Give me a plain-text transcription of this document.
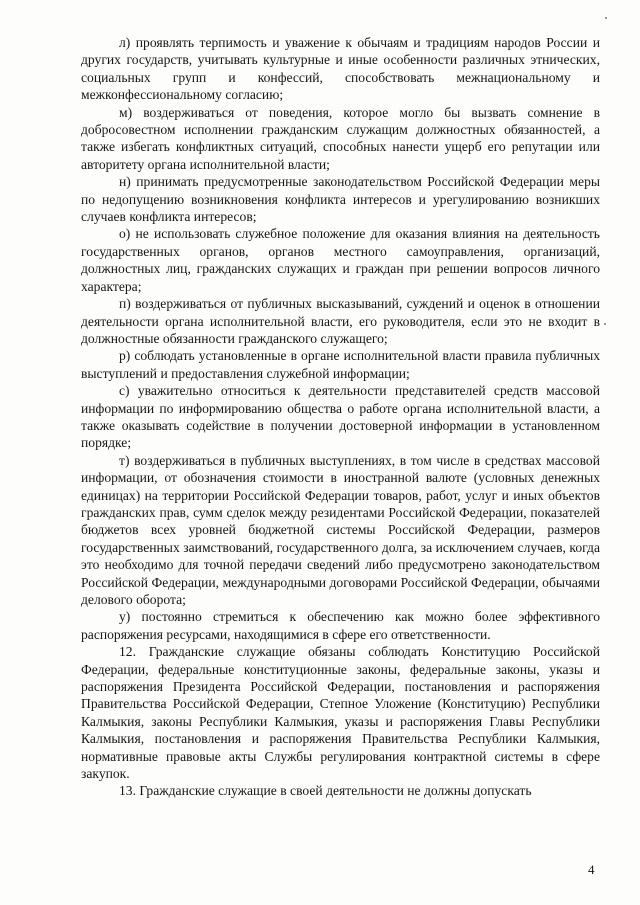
л) проявлять терпимость и уважение к обычаям и традициям народов России и других государств, учитывать культурные и иные особенности различных этнических, социальных групп и конфессий, способствовать межнациональному и межконфессиональному согласию;

м) воздерживаться от поведения, которое могло бы вызвать сомнение в добросовестном исполнении гражданским служащим должностных обязанностей, а также избегать конфликтных ситуаций, способных нанести ущерб его репутации или авторитету органа исполнительной власти;

н) принимать предусмотренные законодательством Российской Федерации меры по недопущению возникновения конфликта интересов и урегулированию возникших случаев конфликта интересов;

о) не использовать служебное положение для оказания влияния на деятельность государственных органов, органов местного самоуправления, организаций, должностных лиц, гражданских служащих и граждан при решении вопросов личного характера;

п) воздерживаться от публичных высказываний, суждений и оценок в отношении деятельности органа исполнительной власти, его руководителя, если это не входит в должностные обязанности гражданского служащего;

р) соблюдать установленные в органе исполнительной власти правила публичных выступлений и предоставления служебной информации;

с) уважительно относиться к деятельности представителей средств массовой информации по информированию общества о работе органа исполнительной власти, а также оказывать содействие в получении достоверной информации в установленном порядке;

т) воздерживаться в публичных выступлениях, в том числе в средствах массовой информации, от обозначения стоимости в иностранной валюте (условных денежных единицах) на территории Российской Федерации товаров, работ, услуг и иных объектов гражданских прав, сумм сделок между резидентами Российской Федерации, показателей бюджетов всех уровней бюджетной системы Российской Федерации, размеров государственных заимствований, государственного долга, за исключением случаев, когда это необходимо для точной передачи сведений либо предусмотрено законодательством Российской Федерации, международными договорами Российской Федерации, обычаями делового оборота;

у) постоянно стремиться к обеспечению как можно более эффективного распоряжения ресурсами, находящимися в сфере его ответственности.

12. Гражданские служащие обязаны соблюдать Конституцию Российской Федерации, федеральные конституционные законы, федеральные законы, указы и распоряжения Президента Российской Федерации, постановления и распоряжения Правительства Российской Федерации, Степное Уложение (Конституцию) Республики Калмыкия, законы Республики Калмыкия, указы и распоряжения Главы Республики Калмыкия, постановления и распоряжения Правительства Республики Калмыкия, нормативные правовые акты Службы регулирования контрактной системы в сфере закупок.

13. Гражданские служащие в своей деятельности не должны допускать

4
